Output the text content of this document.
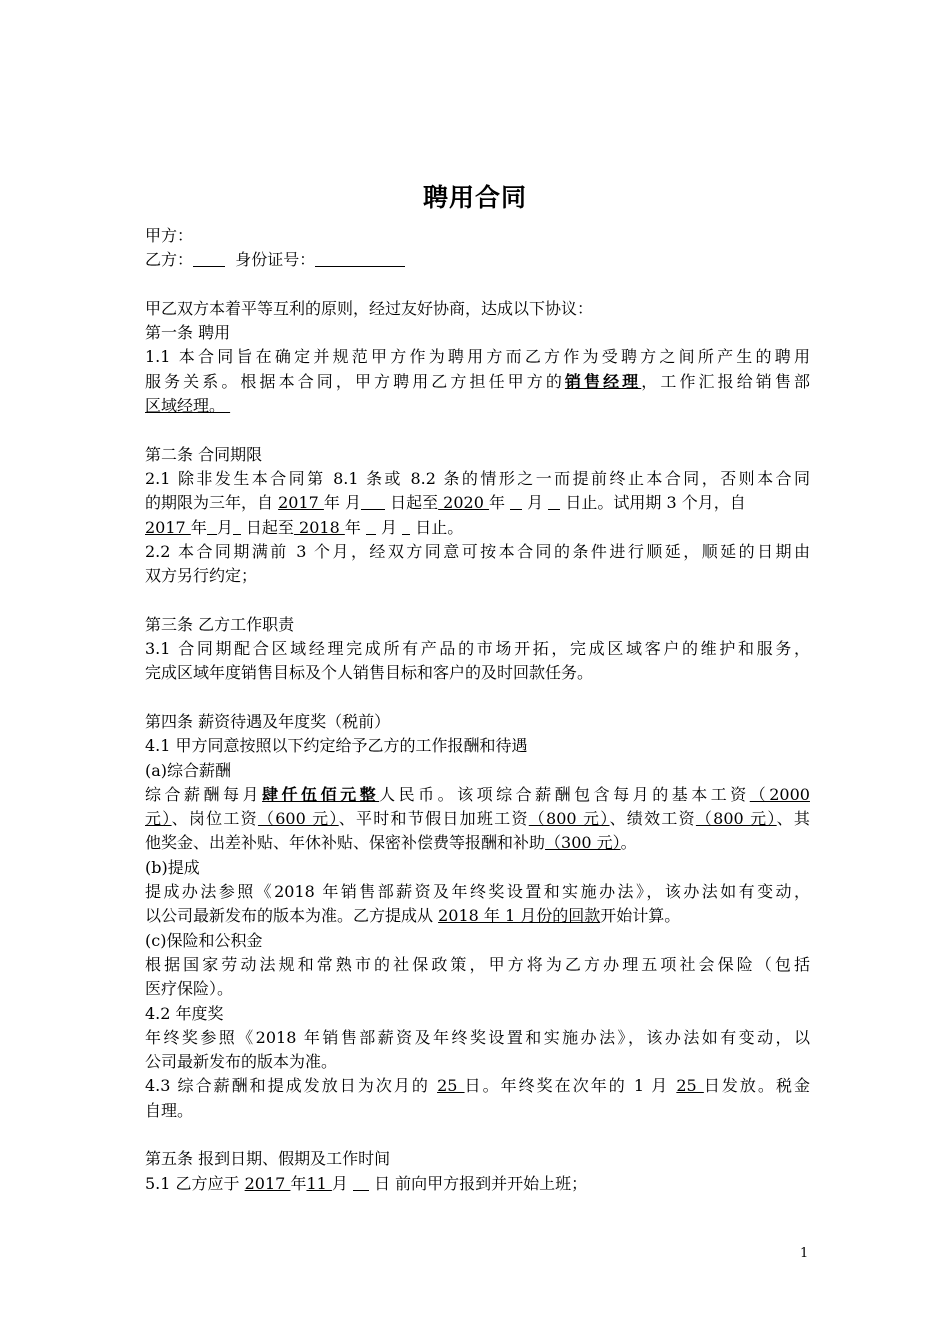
聘用合同
甲方：
乙方：	身份证号：
甲乙双方本着平等互利的原则，经过友好协商，达成以下协议：
第一条 聘用
1.1 本合同旨在确定并规范甲方作为聘用方而乙方作为受聘方之间所产生的聘用
服务关系。根据本合同，甲方聘用乙方担任甲方的销售经理，工作汇报给销售部
区域经理。
第二条 合同期限
2.1 除非发生本合同第 8.1 条或 8.2 条的情形之一而提前终止本合同，否则本合同
的期限为三年，自 2017 年 月 日起至 2020 年  月  日止。试用期 3 个月，自
2017 年 月 日起至 2018 年  月  日止。
2.2 本合同期满前 3 个月，经双方同意可按本合同的条件进行顺延，顺延的日期由
双方另行约定；
第三条 乙方工作职责
3.1 合同期配合区域经理完成所有产品的市场开拓，完成区域客户的维护和服务，
完成区域年度销售目标及个人销售目标和客户的及时回款任务。
第四条 薪资待遇及年度奖（税前）
4.1 甲方同意按照以下约定给予乙方的工作报酬和待遇
(a)综合薪酬
综合薪酬每月肆仟伍佰元整人民币。该项综合薪酬包含每月的基本工资（2000
元）、岗位工资（600 元）、平时和节假日加班工资（800 元）、绩效工资（800 元）、其
他奖金、出差补贴、年休补贴、保密补偿费等报酬和补助（300 元）。
(b)提成
提成办法参照《2018 年销售部薪资及年终奖设置和实施办法》，该办法如有变动，
以公司最新发布的版本为准。乙方提成从 2018 年 1 月份的回款开始计算。
(c)保险和公积金
根据国家劳动法规和常熟市的社保政策，甲方将为乙方办理五项社会保险（包括
医疗保险）。
4.2 年度奖
年终奖参照《2018 年销售部薪资及年终奖设置和实施办法》，该办法如有变动，以
公司最新发布的版本为准。
4.3 综合薪酬和提成发放日为次月的 25 日。年终奖在次年的 1 月 25 日发放。税金
自理。
第五条 报到日期、假期及工作时间
5.1 乙方应于 2017 年11 月  日 前向甲方报到并开始上班；
1
